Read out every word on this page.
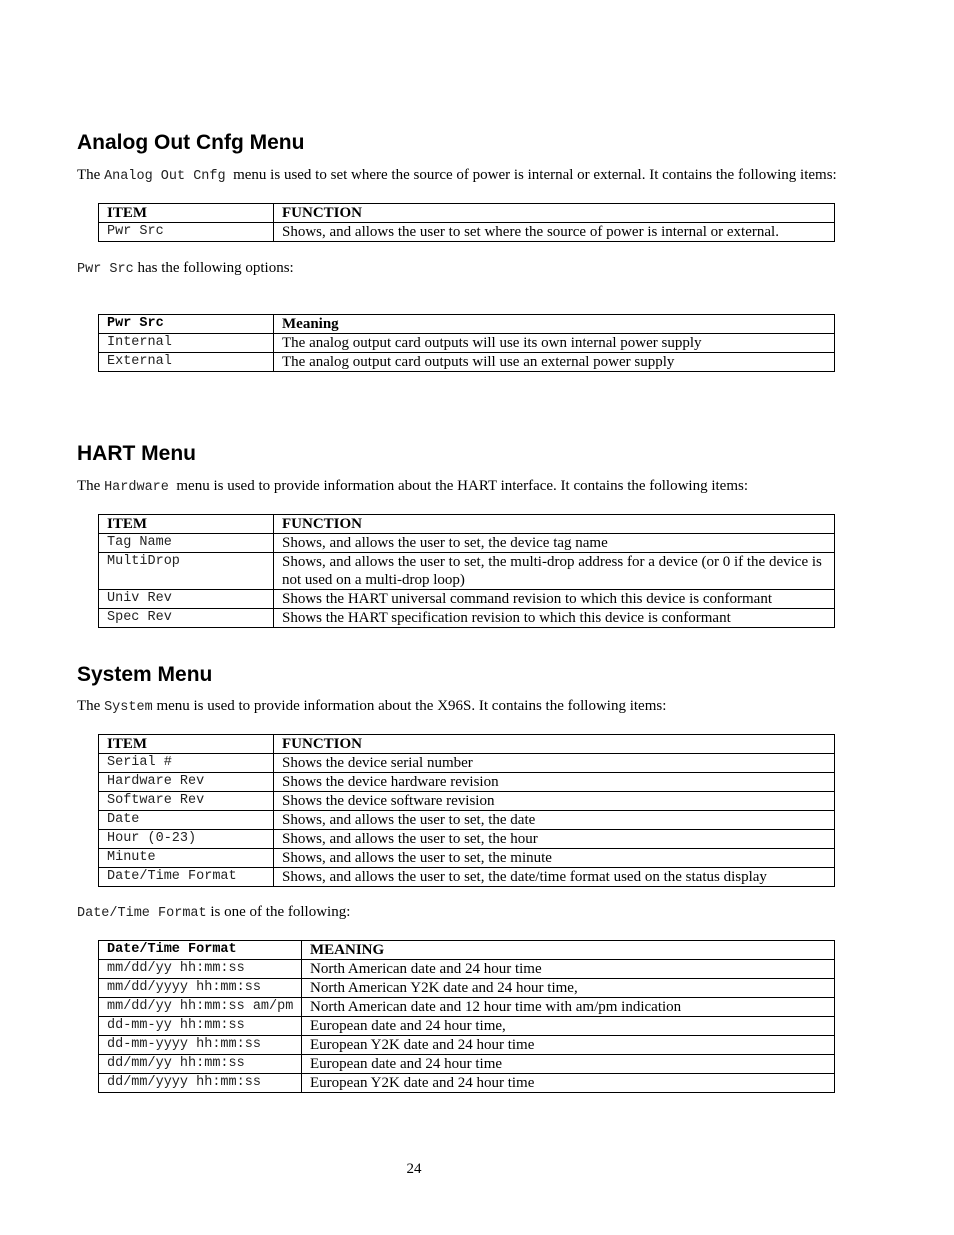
Analog Out Cnfg Menu

The Analog Out Cnfg menu is used to set where the source of power is internal or external. It contains the following items:

ITEM	FUNCTION
Pwr Src	Shows, and allows the user to set where the source of power is internal or external.

Pwr Src has the following options:

Pwr Src	Meaning
Internal	The analog output card outputs will use its own internal power supply
External	The analog output card outputs will use an external power supply
HART Menu

The Hardware menu is used to provide information about the HART interface. It contains the following items:

ITEM	FUNCTION
Tag Name	Shows, and allows the user to set, the device tag name
MultiDrop	Shows, and allows the user to set, the multi-drop address for a device (or 0 if the device is not used on a multi-drop loop)
Univ Rev	Shows the HART universal command revision to which this device is conformant
Spec Rev	Shows the HART specification revision to which this device is conformant
System Menu

The System menu is used to provide information about the X96S. It contains the following items:

ITEM	FUNCTION
Serial #	Shows the device serial number
Hardware Rev	Shows the device hardware revision
Software Rev	Shows the device software revision
Date	Shows, and allows the user to set, the date
Hour (0-23)	Shows, and allows the user to set, the hour
Minute	Shows, and allows the user to set, the minute
Date/Time Format	Shows, and allows the user to set, the date/time format used on the status display

Date/Time Format is one of the following:

Date/Time Format	MEANING
mm/dd/yy hh:mm:ss	North American date and 24 hour time
mm/dd/yyyy hh:mm:ss	North American Y2K date and 24 hour time,
mm/dd/yy hh:mm:ss am/pm	North American date and 12 hour time with am/pm indication
dd-mm-yy hh:mm:ss	European date and 24 hour time,
dd-mm-yyyy hh:mm:ss	European Y2K date and 24 hour time
dd/mm/yy hh:mm:ss	European date and 24 hour time
dd/mm/yyyy hh:mm:ss	European Y2K date and 24 hour time
24
